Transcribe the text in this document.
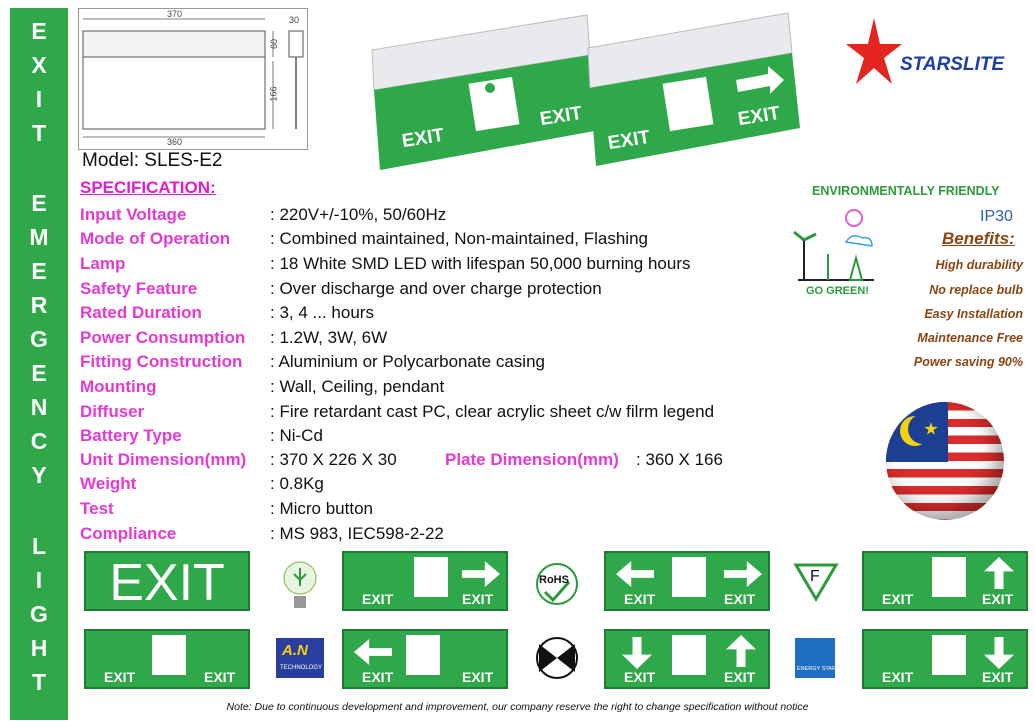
E
X
I
T
E
M
E
R
G
E
N
C
Y
L
I
G
H
T
370
30
60
166
360	EXIT
EXIT
EXIT
EXIT
STARSLITE
Model: SLES-E2
SPECIFICATION:
Input Voltage	: 220V+/-10%, 50/60Hz
Mode of Operation : Combined maintained, Non-maintained, Flashing
Lamp	: 18 White SMD LED with lifespan 50,000 burning hours
Safety Feature	: Over discharge and over charge protection
Rated Duration	: 3, 4 ... hours
Power Consumption : 1.2W, 3W, 6W
Fitting Construction : Aluminium or Polycarbonate casing
Mounting	: Wall, Ceiling, pendant
Diffuser	: Fire retardant cast PC, clear acrylic sheet c/w filrm legend
Battery Type	: Ni-Cd
Unit Dimension(mm) : 370 X 226 X 30	Plate Dimension(mm) : 360 X 166
Weight	: 0.8Kg
Test	: Micro button
Compliance	: MS 983, IEC598-2-22
ENVIRONMENTALLY FRIENDLY
GO GREEN!
IP30
Benefits:
High durability
No replace bulb
Easy Installation
Maintenance Free
Power saving 90%
EXIT	EXIT	EXIT
RoHS
EXIT	EXIT
F
EXIT	EXIT
EXIT	EXIT
A.N
TECHNOLOGY
EXIT	EXIT	EXIT	EXIT	ENERGY STAR	EXIT	EXIT
Note: Due to continuous development and improvement, our company reserve the right to change specification without notice
